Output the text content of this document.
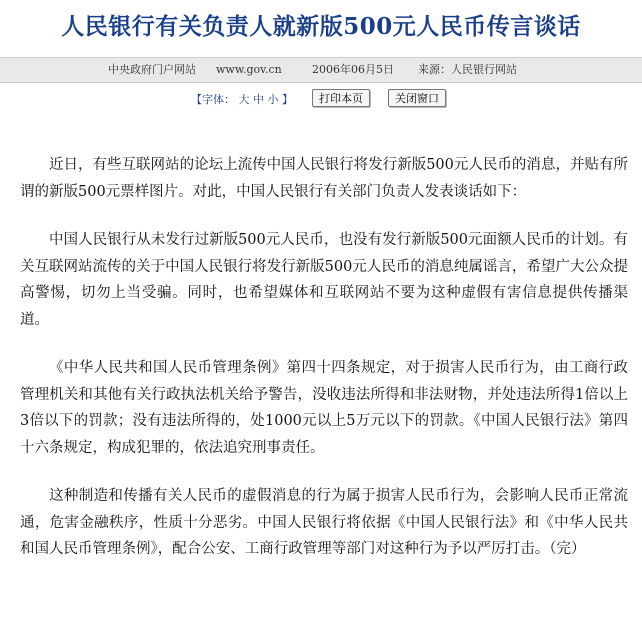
人民银行有关负责人就新版500元人民币传言谈话
中央政府门户网站 www.gov.cn	2006年06月5日 来源：人民银行网站
【字体： 大 中 小 】	打印本页	关闭窗口

近日，有些互联网站的论坛上流传中国人民银行将发行新版500元人民币的消息，并贴有所谓的新版500元票样图片。对此，中国人民银行有关部门负责人发表谈话如下：

中国人民银行从未发行过新版500元人民币，也没有发行新版500元面额人民币的计划。有关互联网站流传的关于中国人民银行将发行新版500元人民币的消息纯属谣言，希望广大公众提高警惕，切勿上当受骗。同时，也希望媒体和互联网站不要为这种虚假有害信息提供传播渠道。

《中华人民共和国人民币管理条例》第四十四条规定，对于损害人民币行为，由工商行政管理机关和其他有关行政执法机关给予警告，没收违法所得和非法财物，并处违法所得1倍以上3倍以下的罚款；没有违法所得的，处1000元以上5万元以下的罚款。《中国人民银行法》第四十六条规定，构成犯罪的，依法追究刑事责任。

这种制造和传播有关人民币的虚假消息的行为属于损害人民币行为，会影响人民币正常流通，危害金融秩序，性质十分恶劣。中国人民银行将依据《中国人民银行法》和《中华人民共和国人民币管理条例》，配合公安、工商行政管理等部门对这种行为予以严厉打击。（完）
